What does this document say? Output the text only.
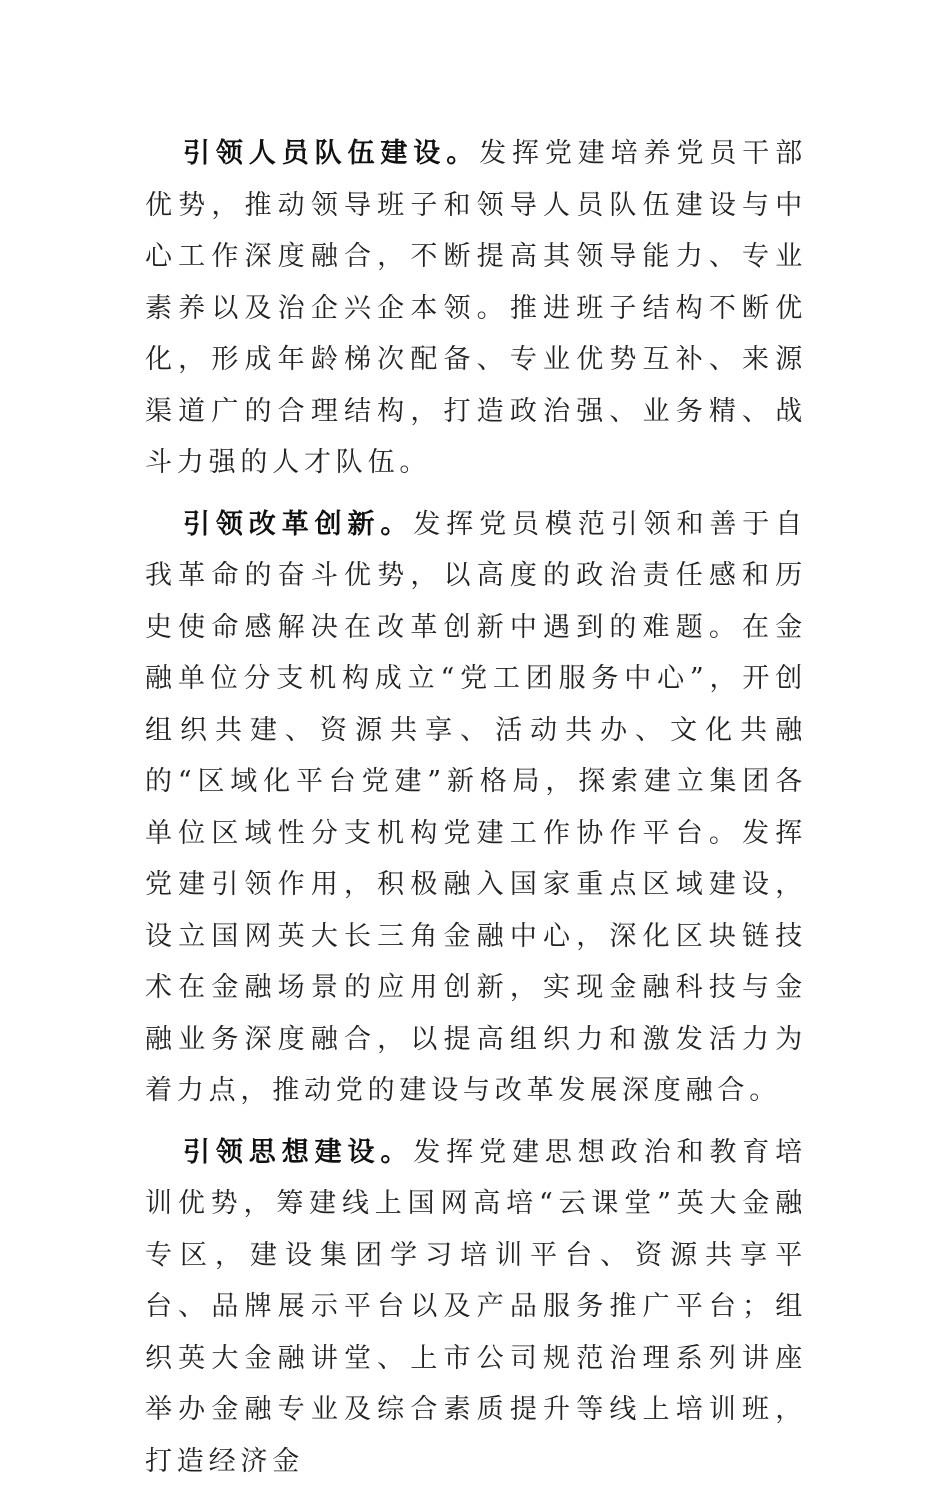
引领人员队伍建设。发挥党建培养党员干部优势，推动领导班子和领导人员队伍建设与中心工作深度融合，不断提高其领导能力、专业素养以及治企兴企本领。推进班子结构不断优化，形成年龄梯次配备、专业优势互补、来源渠道广的合理结构，打造政治强、业务精、战斗力强的人才队伍。

引领改革创新。发挥党员模范引领和善于自我革命的奋斗优势，以高度的政治责任感和历史使命感解决在改革创新中遇到的难题。在金融单位分支机构成立“党工团服务中心”，开创组织共建、资源共享、活动共办、文化共融的“区域化平台党建”新格局，探索建立集团各单位区域性分支机构党建工作协作平台。发挥党建引领作用，积极融入国家重点区域建设，设立国网英大长三角金融中心，深化区块链技术在金融场景的应用创新，实现金融科技与金融业务深度融合，以提高组织力和激发活力为着力点，推动党的建设与改革发展深度融合。

引领思想建设。发挥党建思想政治和教育培训优势，筹建线上国网高培“云课堂”英大金融专区，建设集团学习培训平台、资源共享平台、品牌展示平台以及产品服务推广平台；组织英大金融讲堂、上市公司规范治理系列讲座举办金融专业及综合素质提升等线上培训班，打造经济金
